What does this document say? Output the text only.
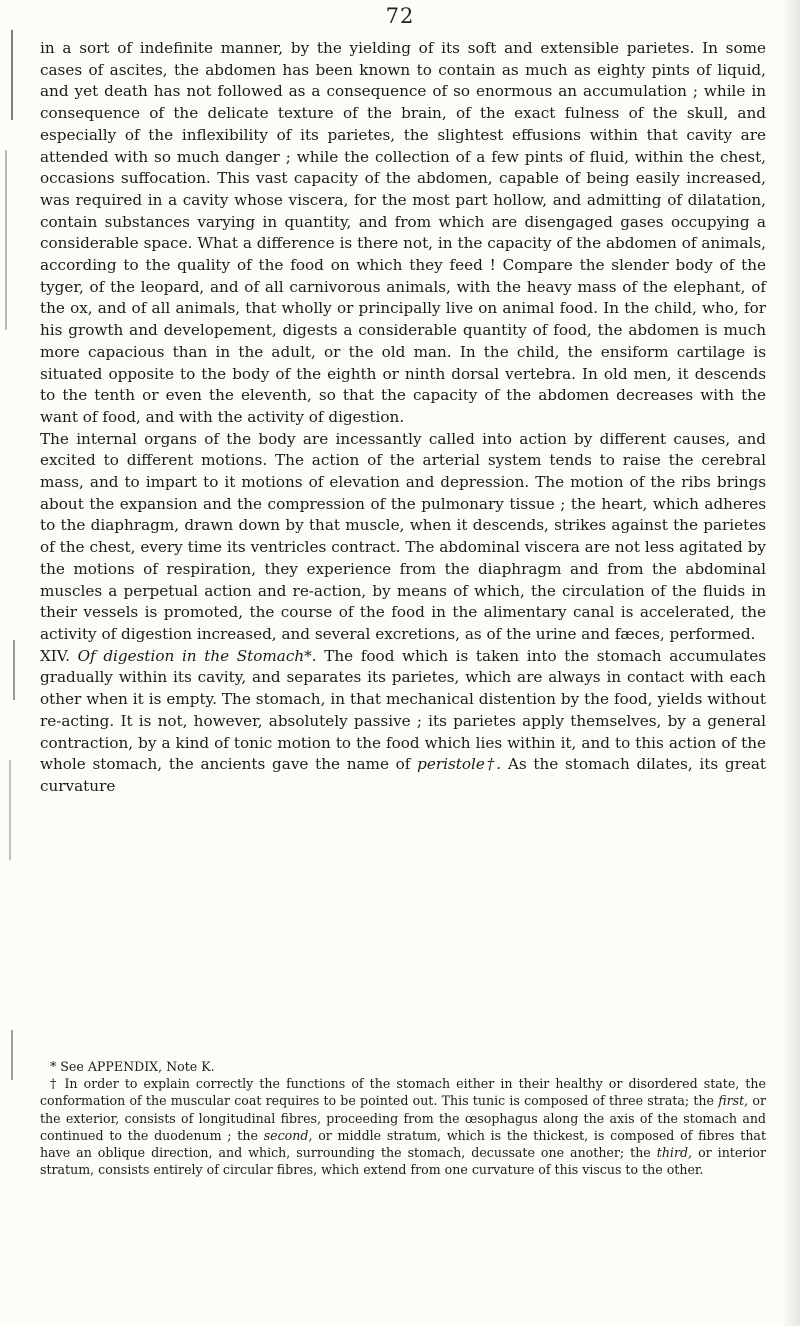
72

in a sort of indefinite manner, by the yielding of its soft and extensible parietes. In some cases of ascites, the abdomen has been known to contain as much as eighty pints of liquid, and yet death has not followed as a consequence of so enormous an accumulation ; while in consequence of the delicate texture of the brain, of the exact fulness of the skull, and especially of the inflexibility of its parietes, the slightest effusions within that cavity are attended with so much danger ; while the collection of a few pints of fluid, within the chest, occasions suffocation. This vast capacity of the abdomen, capable of being easily increased, was required in a cavity whose viscera, for the most part hollow, and admitting of dilatation, contain substances varying in quantity, and from which are disengaged gases occupying a considerable space. What a difference is there not, in the capacity of the abdomen of animals, according to the quality of the food on which they feed ! Compare the slender body of the tyger, of the leopard, and of all carnivorous animals, with the heavy mass of the elephant, of the ox, and of all animals, that wholly or principally live on animal food. In the child, who, for his growth and developement, digests a considerable quantity of food, the abdomen is much more capacious than in the adult, or the old man. In the child, the ensiform cartilage is situated opposite to the body of the eighth or ninth dorsal vertebra. In old men, it descends to the tenth or even the eleventh, so that the capacity of the abdomen decreases with the want of food, and with the activity of digestion.

The internal organs of the body are incessantly called into action by different causes, and excited to different motions. The action of the arterial system tends to raise the cerebral mass, and to impart to it motions of elevation and depression. The motion of the ribs brings about the expansion and the compression of the pulmonary tissue ; the heart, which adheres to the diaphragm, drawn down by that muscle, when it descends, strikes against the parietes of the chest, every time its ventricles contract. The abdominal viscera are not less agitated by the motions of respiration, they experience from the diaphragm and from the abdominal muscles a perpetual action and re-action, by means of which, the circulation of the fluids in their vessels is promoted, the course of the food in the alimentary canal is accelerated, the activity of digestion increased, and several excretions, as of the urine and fæces, performed.

XIV. Of digestion in the Stomach*. The food which is taken into the stomach accumulates gradually within its cavity, and separates its parietes, which are always in contact with each other when it is empty. The stomach, in that mechanical distention by the food, yields without re-acting. It is not, however, absolutely passive ; its parietes apply themselves, by a general contraction, by a kind of tonic motion to the food which lies within it, and to this action of the whole stomach, the ancients gave the name of peristole†. As the stomach dilates, its great curvature

* See APPENDIX, Note K.

† In order to explain correctly the functions of the stomach either in their healthy or disordered state, the conformation of the muscular coat requires to be pointed out. This tunic is composed of three strata; the first, or the exterior, consists of longitudinal fibres, proceeding from the œsophagus along the axis of the stomach and continued to the duodenum ; the second, or middle stratum, which is the thickest, is composed of fibres that have an oblique direction, and which, surrounding the stomach, decussate one another; the third, or interior stratum, consists entirely of circular fibres, which extend from one curvature of this viscus to the other.
